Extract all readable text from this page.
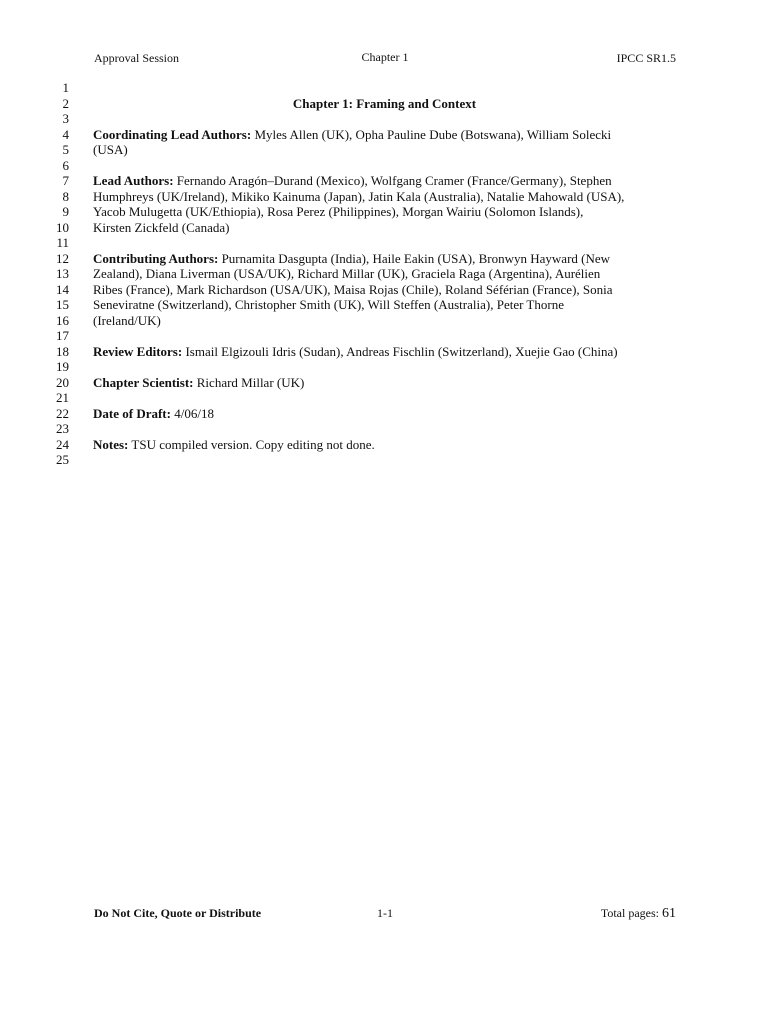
Approval Session	Chapter 1	IPCC SR1.5
1
2	Chapter 1: Framing and Context
3
4 Coordinating Lead Authors: Myles Allen (UK), Opha Pauline Dube (Botswana), William Solecki
5 (USA)
6
7 Lead Authors: Fernando Aragón–Durand (Mexico), Wolfgang Cramer (France/Germany), Stephen
8 Humphreys (UK/Ireland), Mikiko Kainuma (Japan), Jatin Kala (Australia), Natalie Mahowald (USA),
9 Yacob Mulugetta (UK/Ethiopia), Rosa Perez (Philippines), Morgan Wairiu (Solomon Islands),
10 Kirsten Zickfeld (Canada)
11
12 Contributing Authors: Purnamita Dasgupta (India), Haile Eakin (USA), Bronwyn Hayward (New
13 Zealand), Diana Liverman (USA/UK), Richard Millar (UK), Graciela Raga (Argentina), Aurélien
14 Ribes (France), Mark Richardson (USA/UK), Maisa Rojas (Chile), Roland Séférian (France), Sonia
15 Seneviratne (Switzerland), Christopher Smith (UK), Will Steffen (Australia), Peter Thorne
16 (Ireland/UK)
17
18 Review Editors: Ismail Elgizouli Idris (Sudan), Andreas Fischlin (Switzerland), Xuejie Gao (China)
19
20 Chapter Scientist: Richard Millar (UK)
21
22 Date of Draft: 4/06/18
23
24 Notes: TSU compiled version. Copy editing not done.
25
Do Not Cite, Quote or Distribute	1-1	Total pages: 61
